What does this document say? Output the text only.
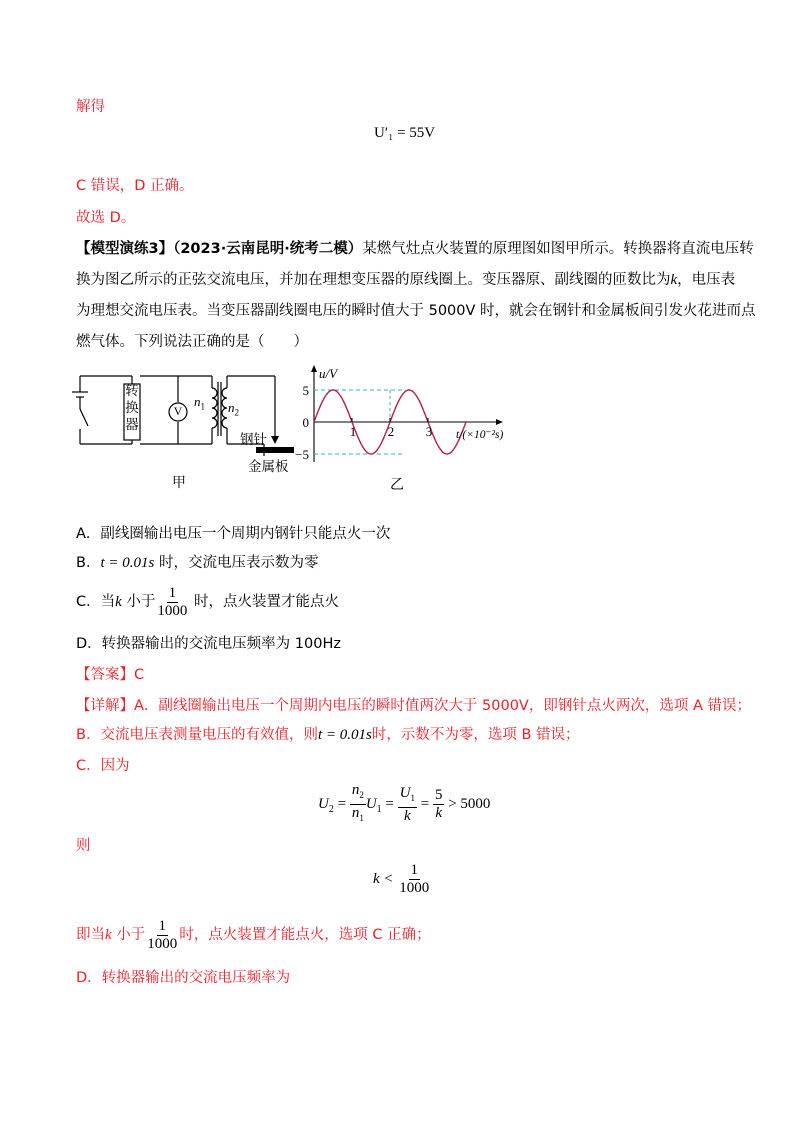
解得
U′₁ = 55V
C 错误，D 正确。
故选 D。
【模型演练3】（2023·云南昆明·统考二模）某燃气灶点火装置的原理图如图甲所示。转换器将直流电压转
换为图乙所示的正弦交流电压，并加在理想变压器的原线圈上。变压器原、副线圈的匝数比为k，电压表
为理想交流电压表。当变压器副线圈电压的瞬时值大于 5000V 时，就会在钢针和金属板间引发火花进而点
燃气体。下列说法正确的是（　　）
转
换
器
V
$n_1$ $n_2$
钢针
金属板
甲
1 2 3
5
0
−5
u/V
t/(×10⁻²s)
乙
A．副线圈输出电压一个周期内钢针只能点火一次
B．t = 0.01s 时，交流电压表示数为零
C．当k 小于 $\frac{1}{1000}$ 时，点火装置才能点火
D．转换器输出的交流电压频率为 100Hz
【答案】C
【详解】A．副线圈输出电压一个周期内电压的瞬时值两次大于 5000V，即钢针点火两次，选项 A 错误；
B．交流电压表测量电压的有效值，则t = 0.01s时，示数不为零，选项 B 错误；
C．因为
$U_2 = \frac{n_2}{n_1} U_1 = \frac{U_1}{k} = \frac{5}{k} > 5000$
则
$k < \frac{1}{1000}$
即当k 小于 $\frac{1}{1000}$ 时，点火装置才能点火，选项 C 正确；
D．转换器输出的交流电压频率为
